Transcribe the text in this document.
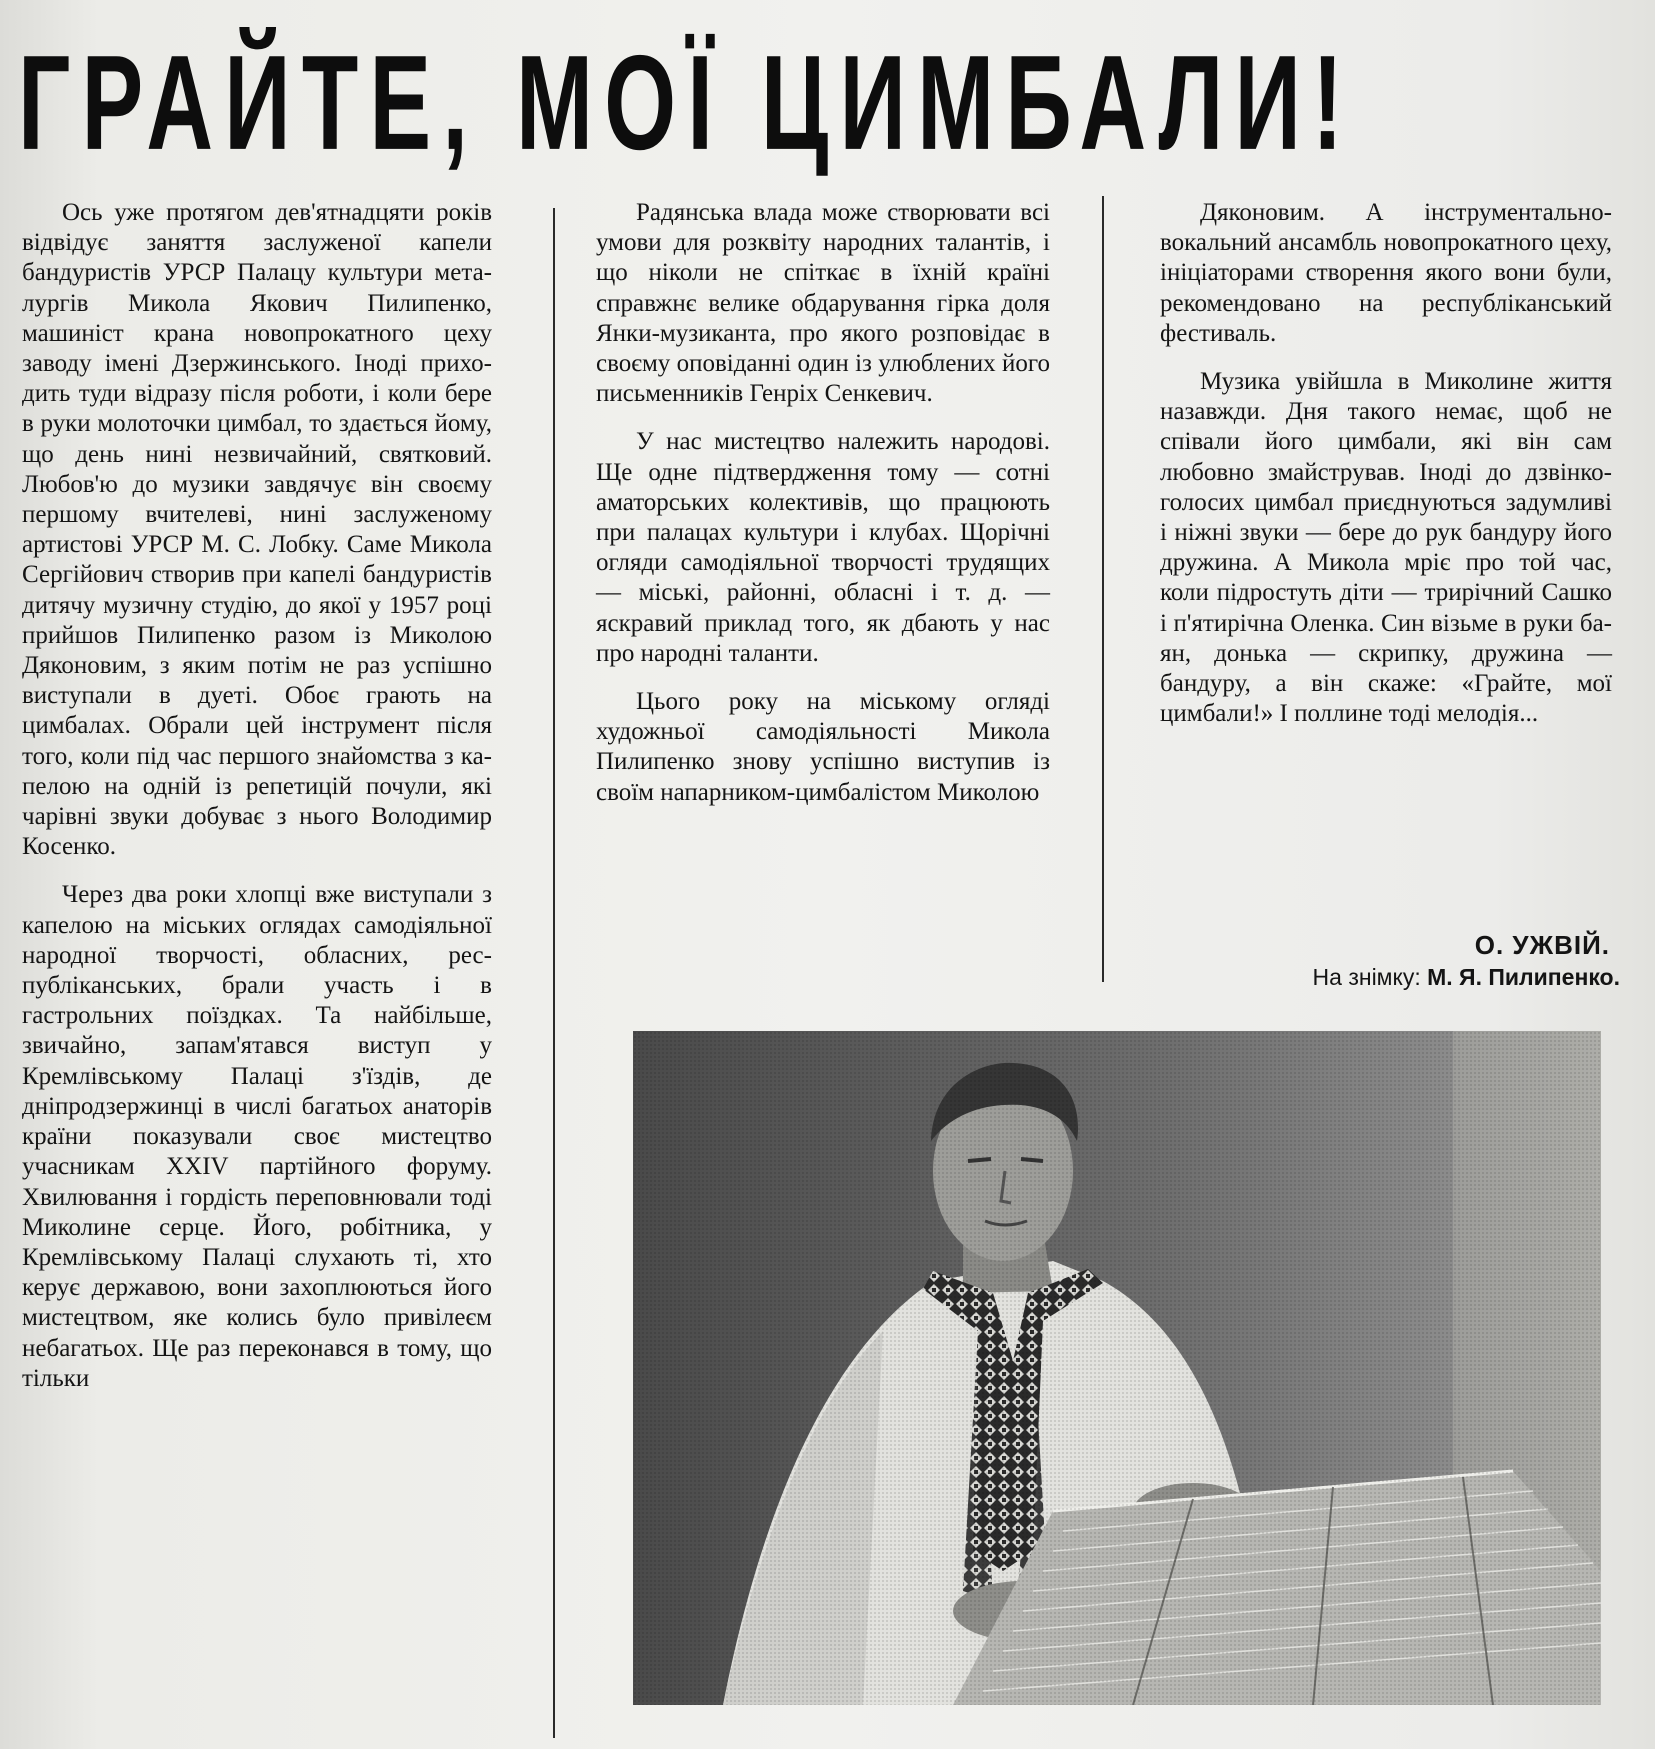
ГРАЙТЕ, МОЇ ЦИМБАЛИ!

Ось уже протягом дев'ятнадцяти років відвідує заняття заслуженої капели бандуристів УРСР Палацу культури металургів Микола Якович Пилипенко, машиніст крана новопрокатного цеху заводу імені Дзержинського. Іноді приходить туди відразу після роботи, і коли бере в руки молоточки цимбал, то здається йому, що день нині незвичайний, святковий. Любов'ю до музики завдячує він своєму першому вчителеві, нині заслуженому артистові УРСР М. С. Лобку. Саме Микола Сергійович створив при капелі бандуристів дитячу музичну студію, до якої у 1957 році прийшов Пилипенко разом із Миколою Дяконовим, з яким потім не раз успішно виступали в дуеті. Обоє грають на цимбалах. Обрали цей інструмент після того, коли під час першого знайомства з капелою на одній із репетицій почули, які чарівні звуки добуває з нього Володимир Косенко.

Через два роки хлопці вже виступали з капелою на міських оглядах самодіяльної народної творчості, обласних, республіканських, брали участь і в гастрольних поїздках. Та найбільше, звичайно, запам'ятався виступ у Кремлівському Палаці з'їздів, де дніпродзержинці в числі багатьох анаторів країни показували своє мистецтво учасникам XXIV партійного форуму. Хвилювання і гордість переповнювали тоді Миколине серце. Його, робітника, у Кремлівському Палаці слухають ті, хто керує державою, вони захоплюються його мистецтвом, яке колись було привілеєм небагатьох. Ще раз переконався в тому, що тільки

Радянська влада може створювати всі умови для розквіту народних талантів, і що ніколи не спіткає в їхній країні справжнє велике обдарування гірка доля Янки-музиканта, про якого розповідає в своєму оповіданні один із улюблених його письменників Генріх Сенкевич.

У нас мистецтво належить народові. Ще одне підтвердження тому — сотні аматорських колективів, що працюють при палацах культури і клубах. Щорічні огляди самодіяльної творчості трудящих — міські, районні, обласні і т. д. — яскравий приклад того, як дбають у нас про народні таланти.

Цього року на міському огляді художньої самодіяльності Микола Пилипенко знову успішно виступив із своїм напарником-цимбалістом Миколою

Дяконовим. А інструментально-вокальний ансамбль новопрокатного цеху, ініціаторами створення якого вони були, рекомендовано на республіканський фестиваль.

Музика увійшла в Миколине життя назавжди. Дня такого немає, щоб не співали його цимбали, які він сам любовно змайстрував. Іноді до дзвінкоголосих цимбал приєднуються задумливі і ніжні звуки — бере до рук бандуру його дружина. А Микола мріє про той час, коли підростуть діти — трирічний Сашко і п'ятирічна Оленка. Син візьме в руки баян, донька — скрипку, дружина — бандуру, а він скаже: «Грайте, мої цимбали!» І поллине тоді мелодія...

О. УЖВІЙ.
На знімку: М. Я. Пилипенко.
